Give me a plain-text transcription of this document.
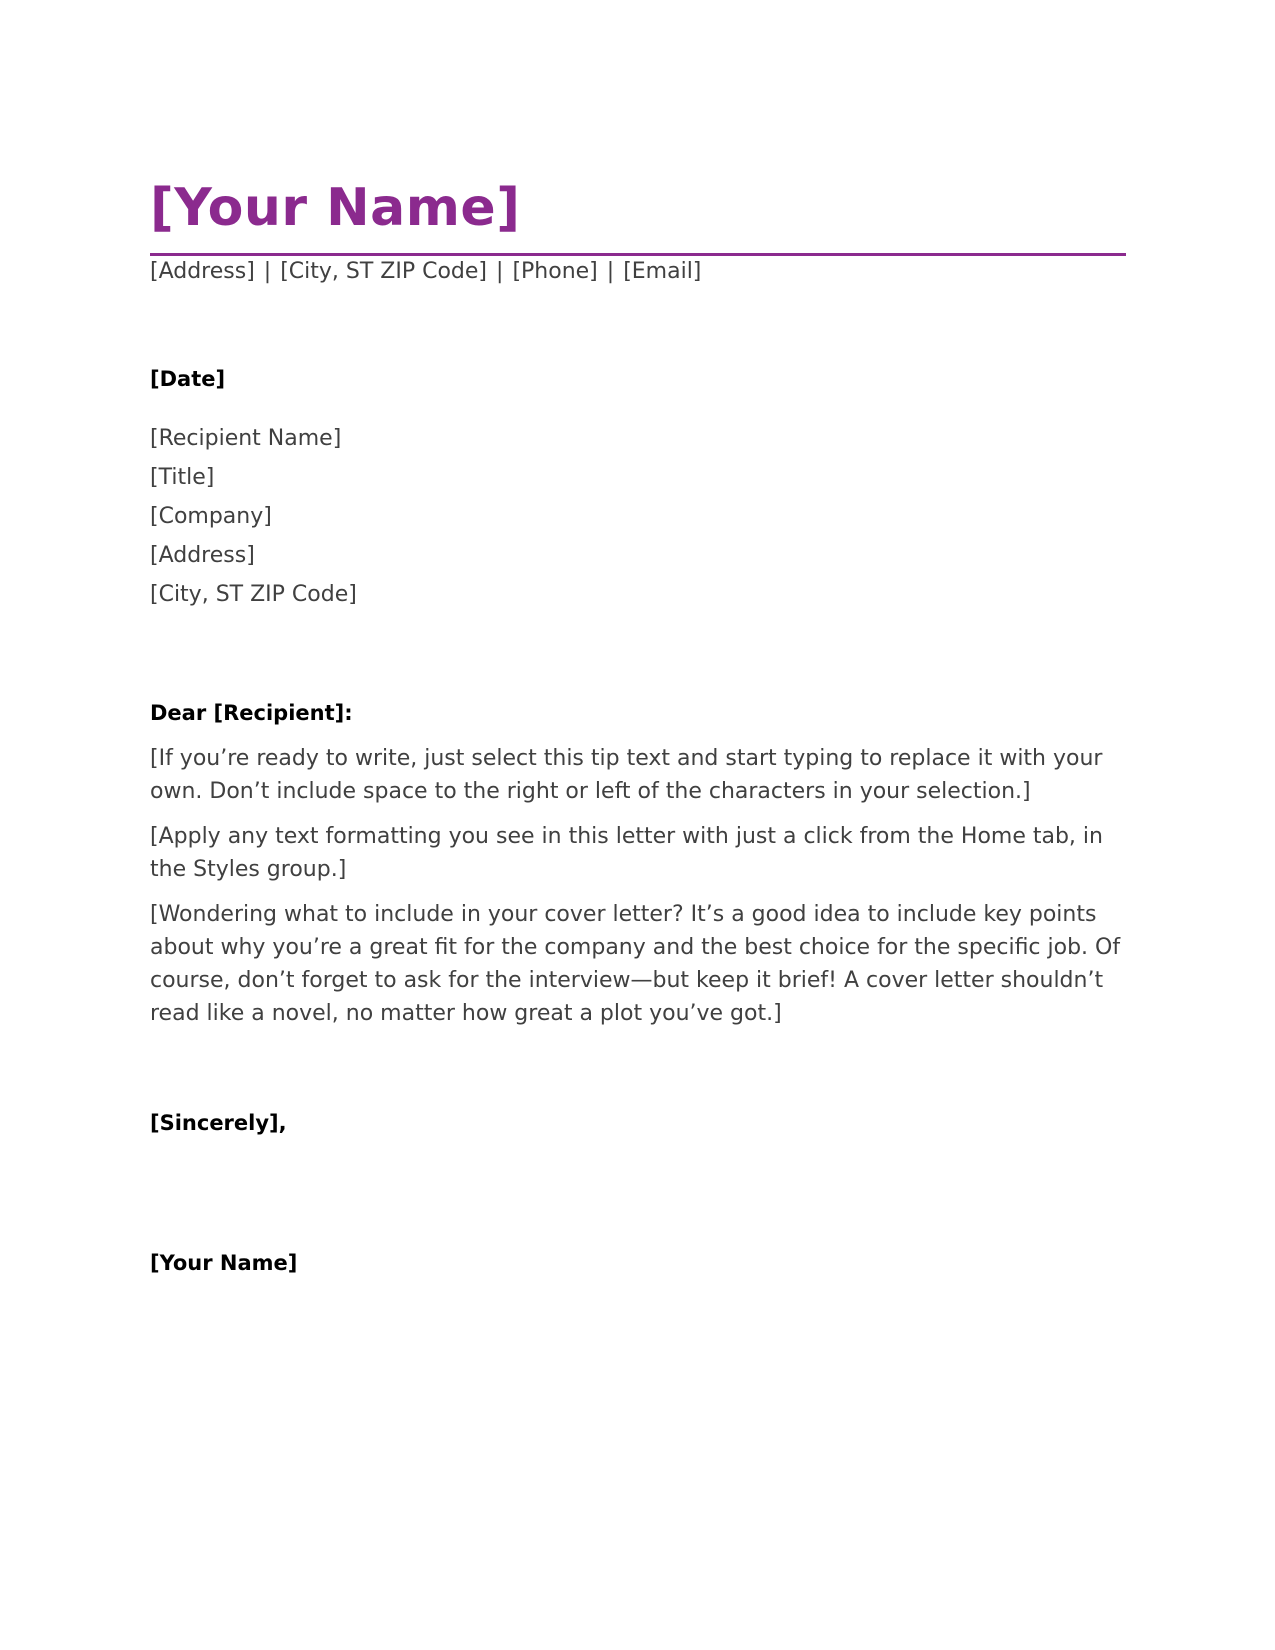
[Your Name]
[Address] | [City, ST ZIP Code] | [Phone] | [Email]
[Date]
[Recipient Name]
[Title]
[Company]
[Address]
[City, ST ZIP Code]
Dear [Recipient]:

[If you’re ready to write, just select this tip text and start typing to replace it with your own. Don’t include space to the right or left of the characters in your selection.]

[Apply any text formatting you see in this letter with just a click from the Home tab, in the Styles group.]

[Wondering what to include in your cover letter? It’s a good idea to include key points about why you’re a great fit for the company and the best choice for the specific job. Of course, don’t forget to ask for the interview—but keep it brief! A cover letter shouldn’t read like a novel, no matter how great a plot you’ve got.]

[Sincerely],
[Your Name]
